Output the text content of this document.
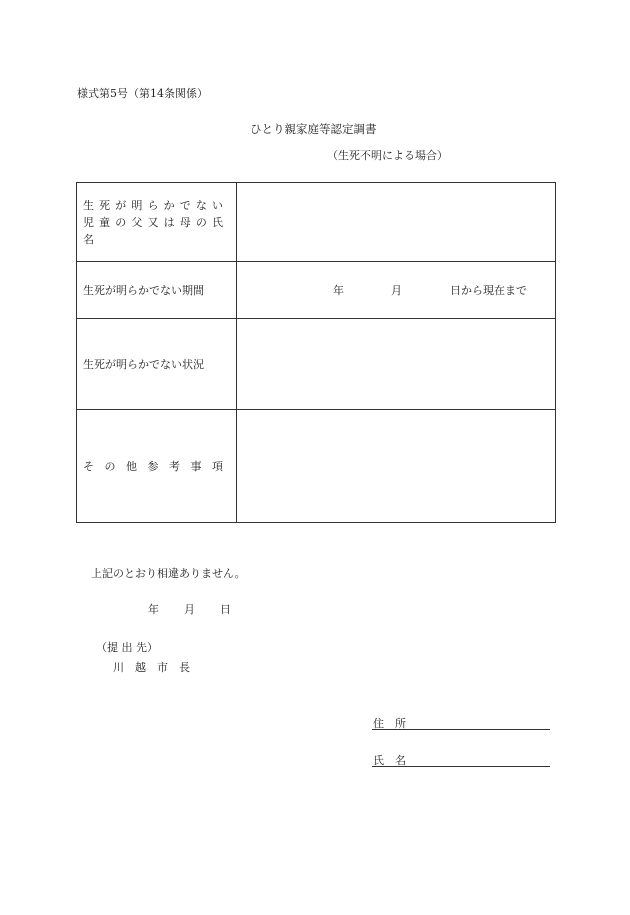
様式第5号（第14条関係）
ひとり親家庭等認定調書
（生死不明による場合）
生 死 が 明 ら か で な い
児 童 の 父 又 は 母 の 氏 名	

生死が明らかでない期間	年 月 日から現在まで

生死が明らかでない状況	

そ の 他 参 考 事 項	

上記のとおり相違ありません。
年 月 日
（提 出 先）
川　越　市　長
住　所
氏　名
